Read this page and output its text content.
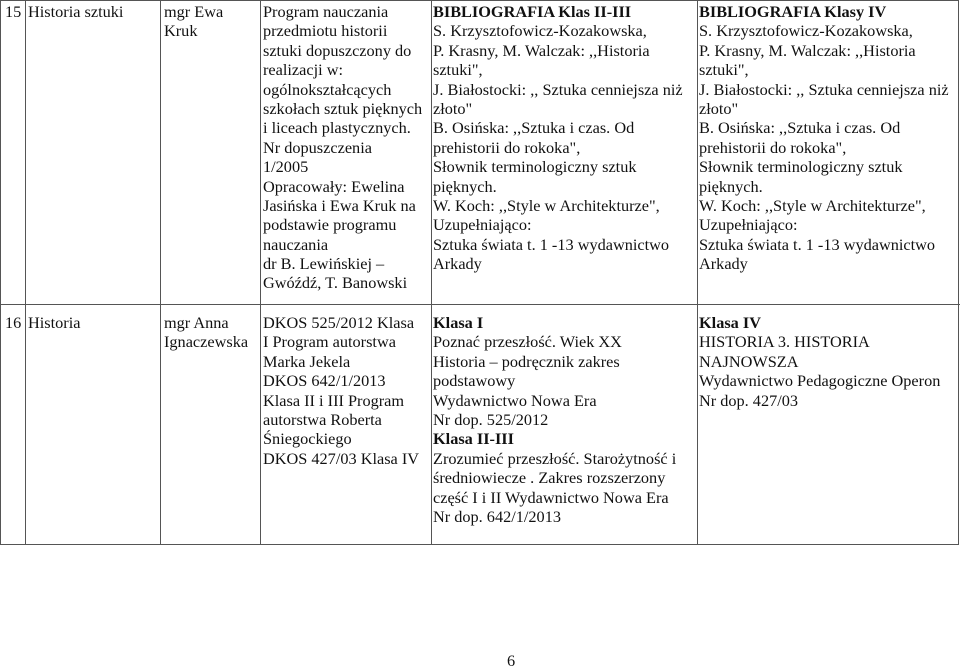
15 Historia sztuki mgr Ewa
Kruk
Program nauczania
przedmiotu historii
sztuki dopuszczony do
realizacji w:
ogólnokształcących
szkołach sztuk pięknych
i liceach plastycznych.
Nr dopuszczenia
1/2005
Opracowały: Ewelina
Jasińska i Ewa Kruk na
podstawie programu
nauczania
dr B. Lewińskiej –
Gwóźdź, T. Banowski
BIBLIOGRAFIA Klas II-III
S. Krzysztofowicz-Kozakowska,
P. Krasny, M. Walczak: ,,Historia
sztuki",
J. Białostocki: ,, Sztuka cenniejsza niż
złoto"
B. Osińska: ,,Sztuka i czas. Od
prehistorii do rokoka",
Słownik terminologiczny sztuk
pięknych.
W. Koch: ,,Style w Architekturze",
Uzupełniająco:
Sztuka świata t. 1 -13 wydawnictwo
Arkady
BIBLIOGRAFIA Klasy IV
S. Krzysztofowicz-Kozakowska,
P. Krasny, M. Walczak: ,,Historia
sztuki",
J. Białostocki: ,, Sztuka cenniejsza niż
złoto"
B. Osińska: ,,Sztuka i czas. Od
prehistorii do rokoka",
Słownik terminologiczny sztuk
pięknych.
W. Koch: ,,Style w Architekturze",
Uzupełniająco:
Sztuka świata t. 1 -13 wydawnictwo
Arkady
16 Historia	mgr Anna
Ignaczewska
DKOS 525/2012 Klasa
I Program autorstwa
Marka Jekela
DKOS 642/1/2013
Klasa II i III Program
autorstwa Roberta
Śniegockiego
DKOS 427/03 Klasa IV
Klasa I
Poznać przeszłość. Wiek XX
Historia – podręcznik zakres
podstawowy
Wydawnictwo Nowa Era
Nr dop. 525/2012
Klasa II-III
Zrozumieć przeszłość. Starożytność i
średniowiecze . Zakres rozszerzony
część I i II Wydawnictwo Nowa Era
Nr dop. 642/1/2013
Klasa IV
HISTORIA 3. HISTORIA
NAJNOWSZA
Wydawnictwo Pedagogiczne Operon
Nr dop. 427/03
6
